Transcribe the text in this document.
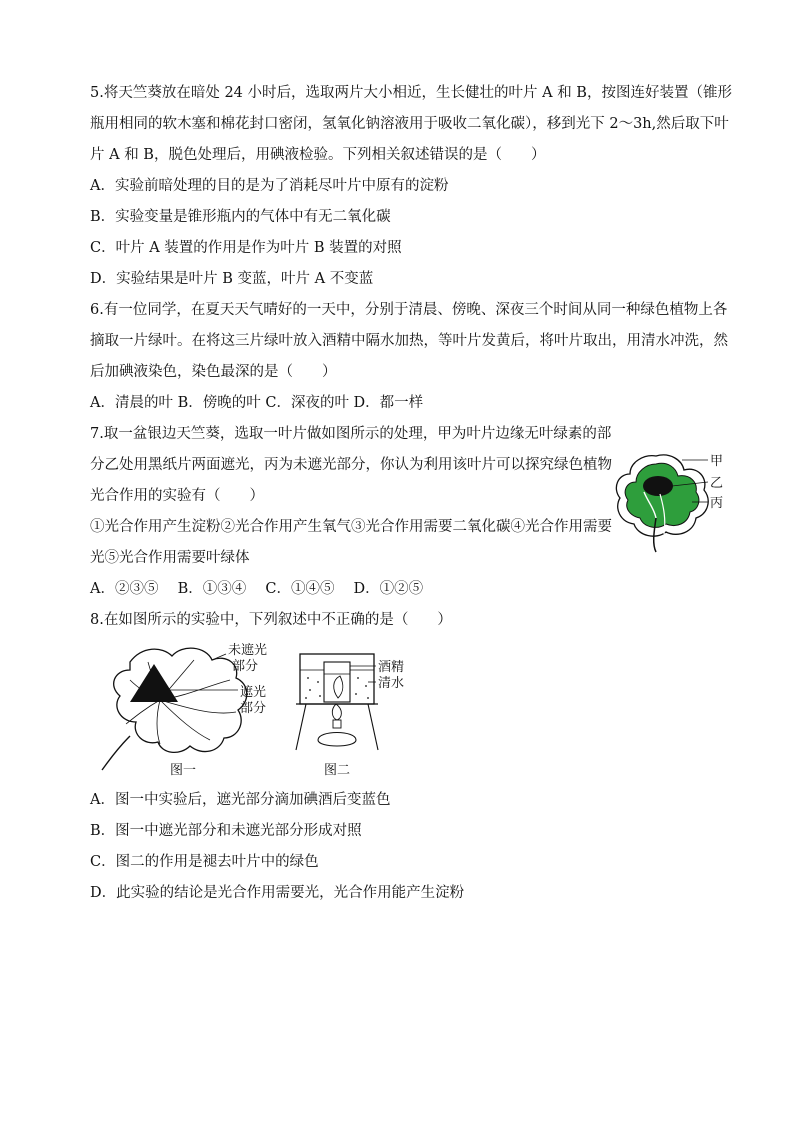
5.将天竺葵放在暗处 24 小时后，选取两片大小相近，生长健壮的叶片 A 和 B，按图连好装置（锥形
瓶用相同的软木塞和棉花封口密闭，氢氧化钠溶液用于吸收二氧化碳），移到光下 2～3h,然后取下叶
片 A 和 B，脱色处理后，用碘液检验。下列相关叙述错误的是（　　）
A．实验前暗处理的目的是为了消耗尽叶片中原有的淀粉
B．实验变量是锥形瓶内的气体中有无二氧化碳
C．叶片 A 装置的作用是作为叶片 B 装置的对照
D．实验结果是叶片 B 变蓝，叶片 A 不变蓝
6.有一位同学，在夏天天气晴好的一天中，分别于清晨、傍晚、深夜三个时间从同一种绿色植物上各
摘取一片绿叶。在将这三片绿叶放入酒精中隔水加热，等叶片发黄后，将叶片取出，用清水冲洗，然
后加碘液染色，染色最深的是（　　）
A．清晨的叶 B．傍晚的叶 C．深夜的叶 D．都一样
7.取一盆银边天竺葵，选取一叶片做如图所示的处理，甲为叶片边缘无叶绿素的部
分乙处用黑纸片两面遮光，丙为未遮光部分，你认为利用该叶片可以探究绿色植物
光合作用的实验有（　　）
①光合作用产生淀粉②光合作用产生氧气③光合作用需要二氧化碳④光合作用需要
光⑤光合作用需要叶绿体
A．②③⑤　 B．①③④　 C．①④⑤　 D．①②⑤
甲
乙
丙
8.在如图所示的实验中，下列叙述中不正确的是（　　）
未遮光
部分
遮光
部分
图一
酒精
清水
图二
A．图一中实验后，遮光部分滴加碘酒后变蓝色
B．图一中遮光部分和未遮光部分形成对照
C．图二的作用是褪去叶片中的绿色
D．此实验的结论是光合作用需要光，光合作用能产生淀粉
